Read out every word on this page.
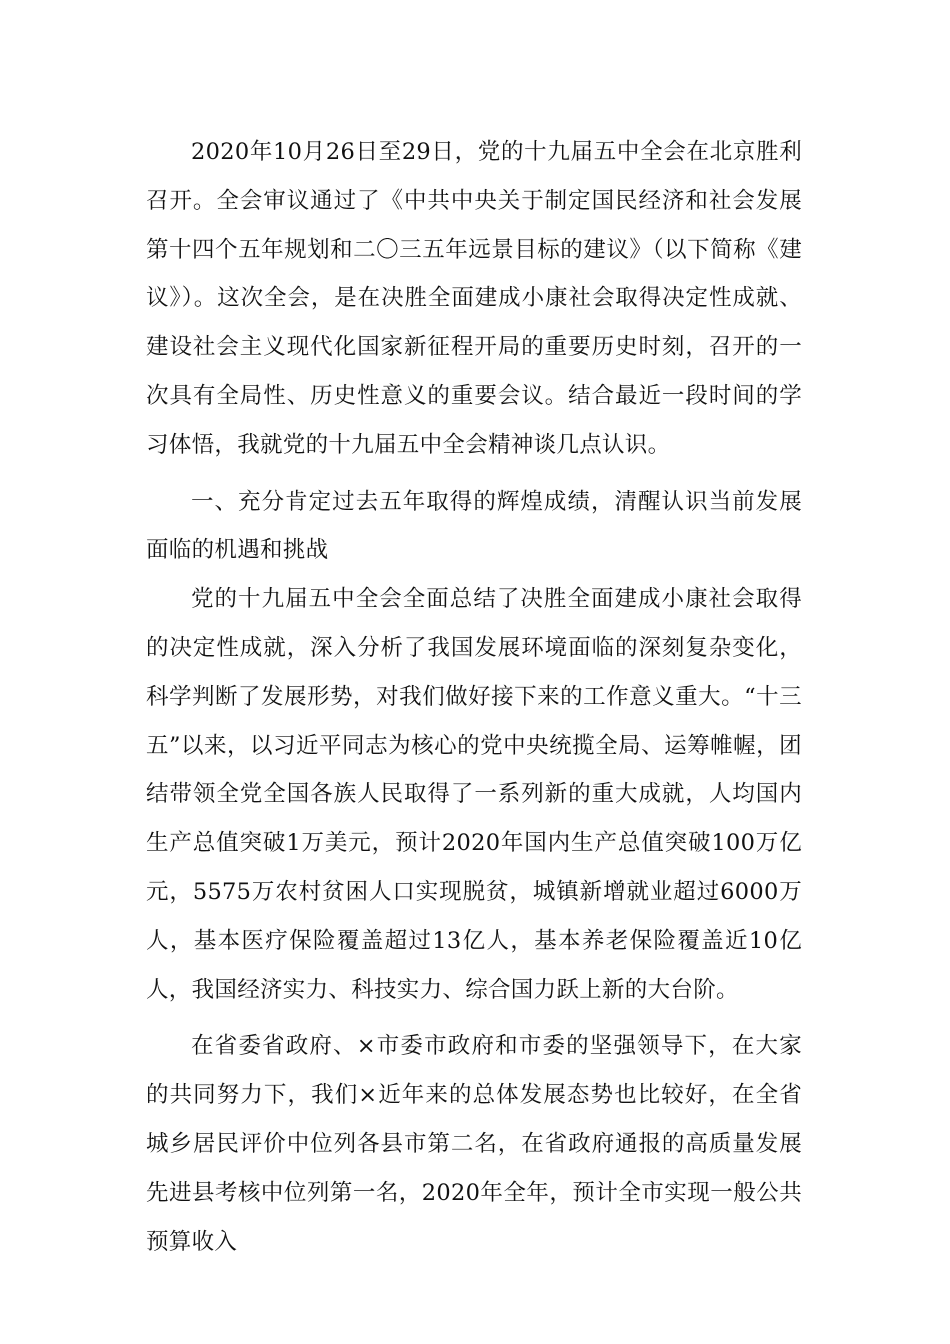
2020年10月26日至29日，党的十九届五中全会在北京胜利召开。全会审议通过了《中共中央关于制定国民经济和社会发展第十四个五年规划和二〇三五年远景目标的建议》（以下简称《建议》）。这次全会，是在决胜全面建成小康社会取得决定性成就、建设社会主义现代化国家新征程开局的重要历史时刻，召开的一次具有全局性、历史性意义的重要会议。结合最近一段时间的学习体悟，我就党的十九届五中全会精神谈几点认识。

一、充分肯定过去五年取得的辉煌成绩，清醒认识当前发展面临的机遇和挑战

党的十九届五中全会全面总结了决胜全面建成小康社会取得的决定性成就，深入分析了我国发展环境面临的深刻复杂变化，科学判断了发展形势，对我们做好接下来的工作意义重大。“十三五”以来，以习近平同志为核心的党中央统揽全局、运筹帷幄，团结带领全党全国各族人民取得了一系列新的重大成就，人均国内生产总值突破1万美元，预计2020年国内生产总值突破100万亿元，5575万农村贫困人口实现脱贫，城镇新增就业超过6000万人，基本医疗保险覆盖超过13亿人，基本养老保险覆盖近10亿人，我国经济实力、科技实力、综合国力跃上新的大台阶。

在省委省政府、×市委市政府和市委的坚强领导下，在大家的共同努力下，我们×近年来的总体发展态势也比较好，在全省城乡居民评价中位列各县市第二名，在省政府通报的高质量发展先进县考核中位列第一名，2020年全年，预计全市实现一般公共预算收入
